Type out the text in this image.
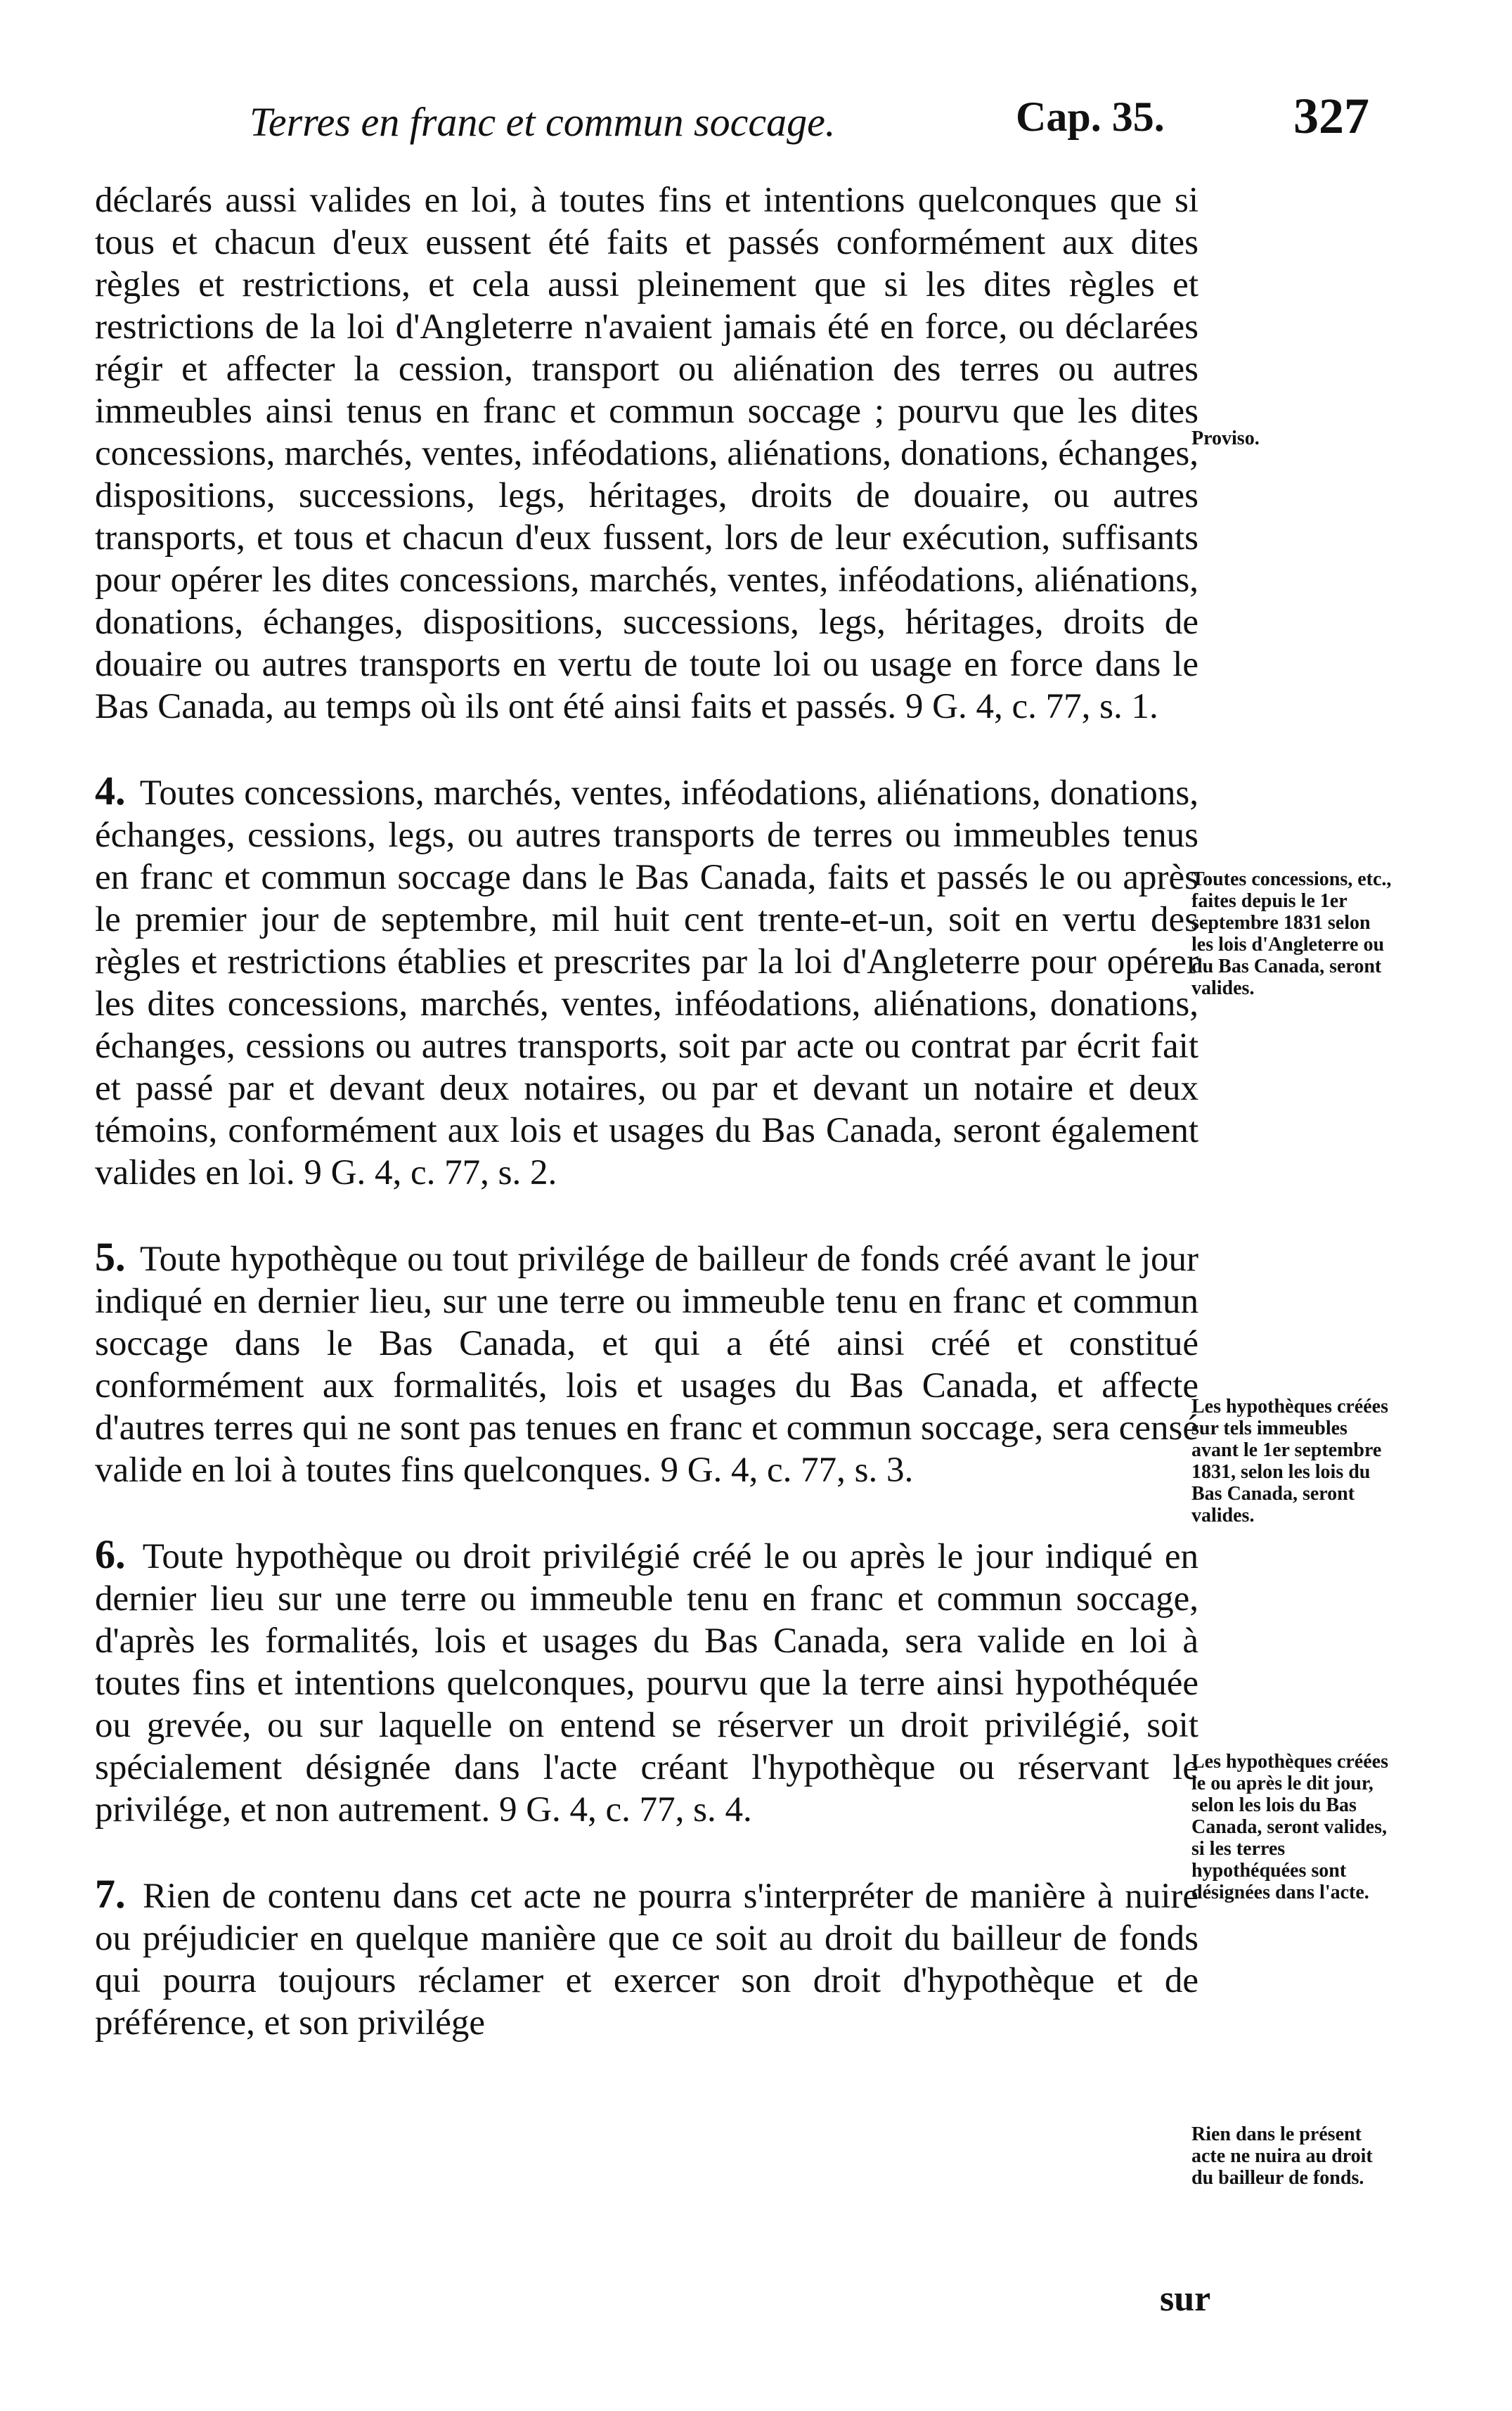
Terres en franc et commun soccage.	Cap. 35.	327

déclarés aussi valides en loi, à toutes fins et intentions quelconques que si tous et chacun d'eux eussent été faits et passés conformément aux dites règles et restrictions, et cela aussi pleinement que si les dites règles et restrictions de la loi d'Angleterre n'avaient jamais été en force, ou déclarées régir et affecter la cession, transport ou aliénation des terres ou autres immeubles ainsi tenus en franc et commun soccage ; pourvu que les dites concessions, marchés, ventes, inféodations, aliénations, donations, échanges, dispositions, successions, legs, héritages, droits de douaire, ou autres transports, et tous et chacun d'eux fussent, lors de leur exécution, suffisants pour opérer les dites concessions, marchés, ventes, inféodations, aliénations, donations, échanges, dispositions, successions, legs, héritages, droits de douaire ou autres transports en vertu de toute loi ou usage en force dans le Bas Canada, au temps où ils ont été ainsi faits et passés. 9 G. 4, c. 77, s. 1.

4. Toutes concessions, marchés, ventes, inféodations, aliénations, donations, échanges, cessions, legs, ou autres transports de terres ou immeubles tenus en franc et commun soccage dans le Bas Canada, faits et passés le ou après le premier jour de septembre, mil huit cent trente-et-un, soit en vertu des règles et restrictions établies et prescrites par la loi d'Angleterre pour opérer les dites concessions, marchés, ventes, inféodations, aliénations, donations, échanges, cessions ou autres transports, soit par acte ou contrat par écrit fait et passé par et devant deux notaires, ou par et devant un notaire et deux témoins, conformément aux lois et usages du Bas Canada, seront également valides en loi. 9 G. 4, c. 77, s. 2.

5. Toute hypothèque ou tout privilége de bailleur de fonds créé avant le jour indiqué en dernier lieu, sur une terre ou immeuble tenu en franc et commun soccage dans le Bas Canada, et qui a été ainsi créé et constitué conformément aux formalités, lois et usages du Bas Canada, et affecte d'autres terres qui ne sont pas tenues en franc et commun soccage, sera censé valide en loi à toutes fins quelconques. 9 G. 4, c. 77, s. 3.

6. Toute hypothèque ou droit privilégié créé le ou après le jour indiqué en dernier lieu sur une terre ou immeuble tenu en franc et commun soccage, d'après les formalités, lois et usages du Bas Canada, sera valide en loi à toutes fins et intentions quelconques, pourvu que la terre ainsi hypothéquée ou grevée, ou sur laquelle on entend se réserver un droit privilégié, soit spécialement désignée dans l'acte créant l'hypothèque ou réservant le privilége, et non autrement. 9 G. 4, c. 77, s. 4.

7. Rien de contenu dans cet acte ne pourra s'interpréter de manière à nuire ou préjudicier en quelque manière que ce soit au droit du bailleur de fonds qui pourra toujours réclamer et exercer son droit d'hypothèque et de préférence, et son privilége

Proviso.
Toutes concessions, etc., faites depuis le 1er septembre 1831 selon les lois d'Angleterre ou du Bas Canada, seront valides.
Les hypothèques créées sur tels immeubles avant le 1er septembre 1831, selon les lois du Bas Canada, seront valides.
Les hypothèques créées le ou après le dit jour, selon les lois du Bas Canada, seront valides, si les terres hypothéquées sont désignées dans l'acte.
Rien dans le présent acte ne nuira au droit du bailleur de fonds.
sur
